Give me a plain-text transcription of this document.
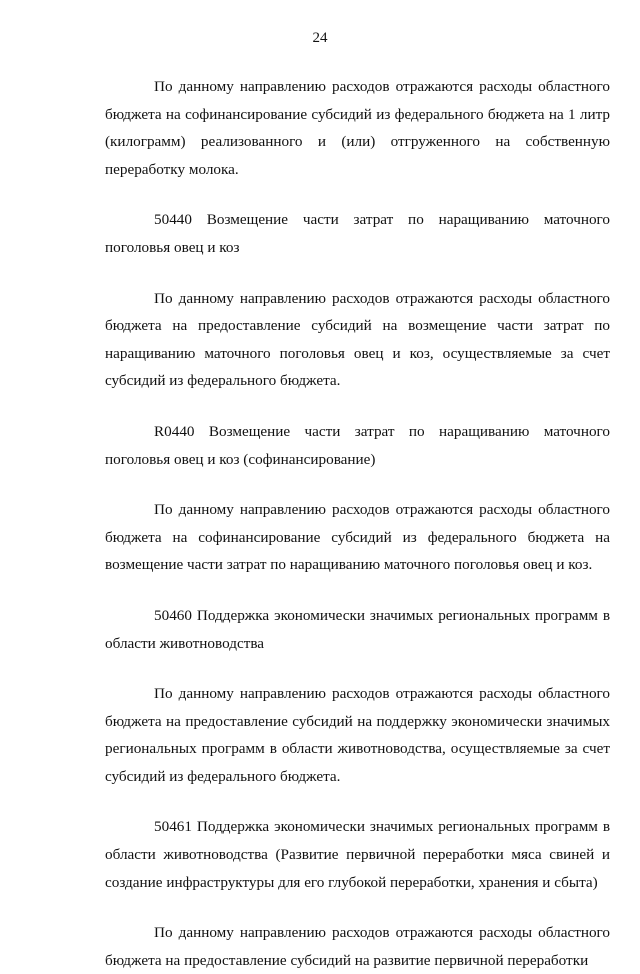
24

По данному направлению расходов отражаются расходы областного бюджета на софинансирование субсидий из федерального бюджета на 1 литр (килограмм) реализованного и (или) отгруженного на собственную переработку молока.

50440 Возмещение части затрат по наращиванию маточного поголовья овец и коз

По данному направлению расходов отражаются расходы областного бюджета на предоставление субсидий на возмещение части затрат по наращиванию маточного поголовья овец и коз, осуществляемые за счет субсидий из федерального бюджета.

R0440 Возмещение части затрат по наращиванию маточного поголовья овец и коз (софинансирование)

По данному направлению расходов отражаются расходы областного бюджета на софинансирование субсидий из федерального бюджета на возмещение части затрат по наращиванию маточного поголовья овец и коз.

50460 Поддержка экономически значимых региональных программ в области животноводства

По данному направлению расходов отражаются расходы областного бюджета на предоставление субсидий на поддержку экономически значимых региональных программ в области животноводства, осуществляемые за счет субсидий из федерального бюджета.

50461 Поддержка экономически значимых региональных программ в области животноводства (Развитие первичной переработки мяса свиней и создание инфраструктуры для его глубокой переработки, хранения и сбыта)

По данному направлению расходов отражаются расходы областного бюджета на предоставление субсидий на развитие первичной переработки
